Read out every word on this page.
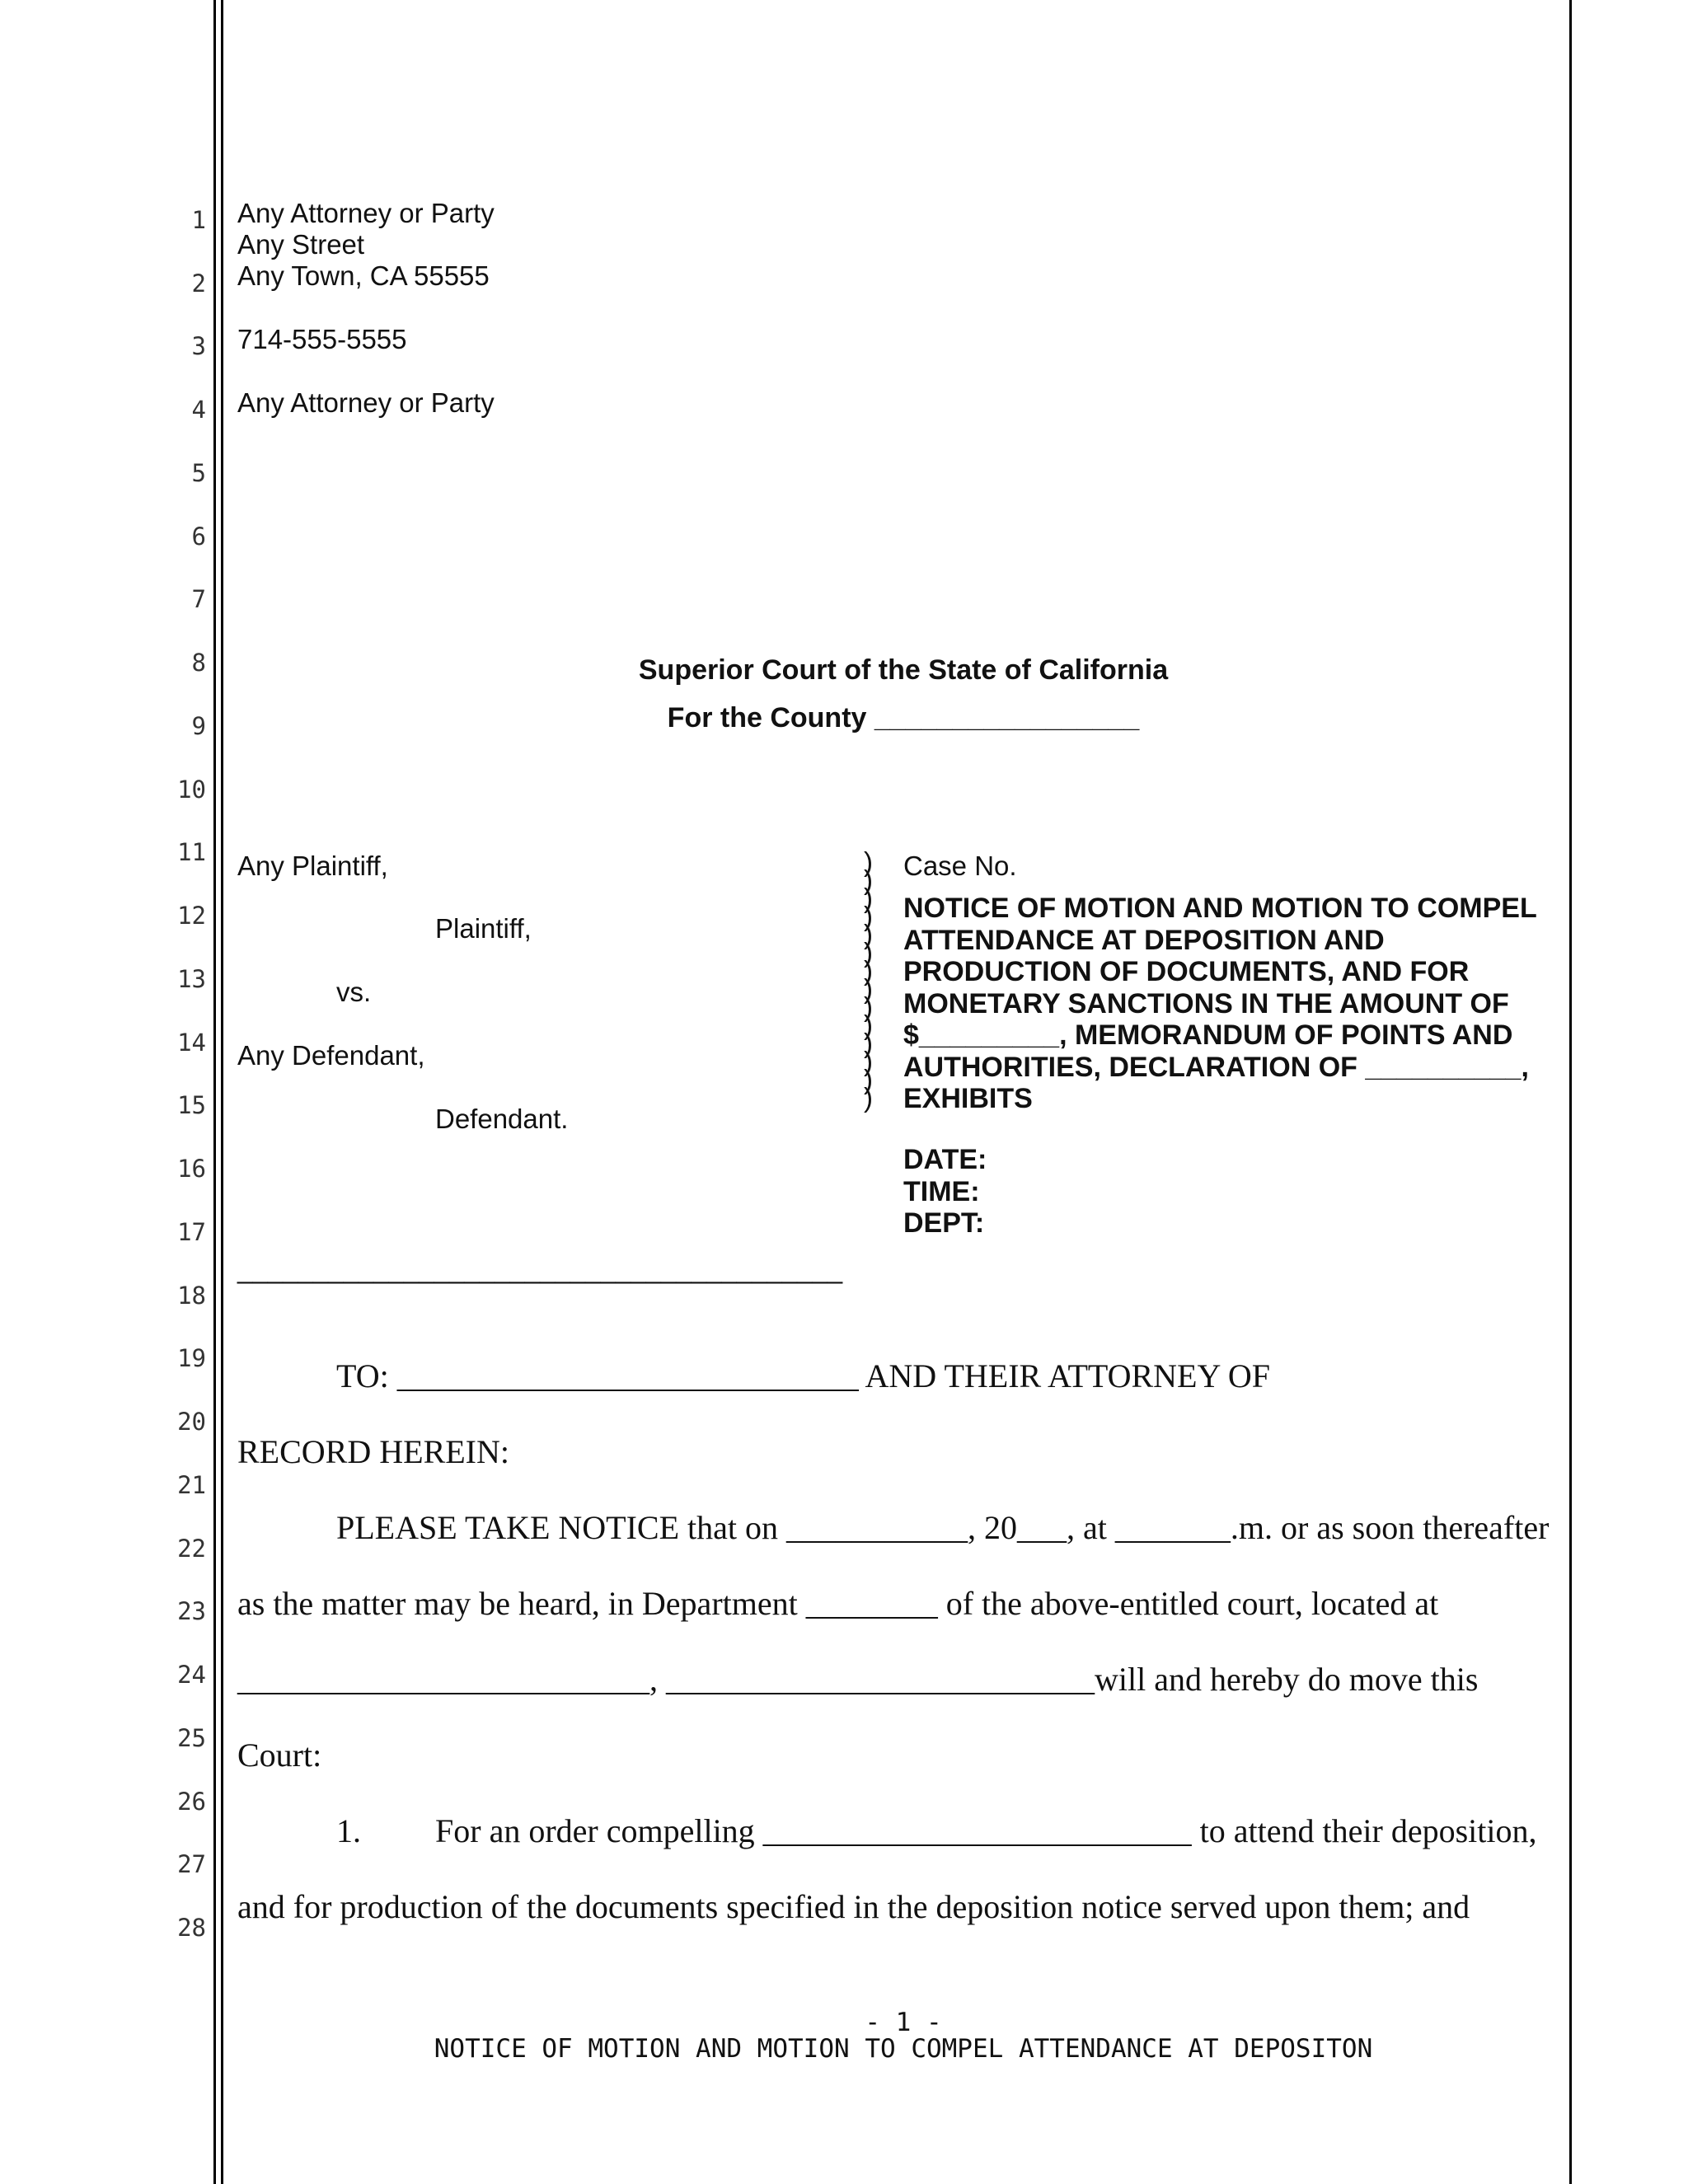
1
2
3
4
5
6
7
8
9
10
11
12
13
14
15
16
17
18
19
20
21
22
23
24
25
26
27
28
Any Attorney or Party
Any Street
Any Town, CA 55555
714-555-5555
Any Attorney or Party
Superior Court of the State of California
For the County _________________
Any Plaintiff,
Plaintiff,
vs.
Any Defendant,
Defendant.
________________________________________
)
)
)
)
)
)
)
)
)
)
)
)
)
)
Case No.
NOTICE OF MOTION AND MOTION TO COMPEL
ATTENDANCE AT DEPOSITION AND
PRODUCTION OF DOCUMENTS, AND FOR
MONETARY SANCTIONS IN THE AMOUNT OF
$_________, MEMORANDUM OF POINTS AND
AUTHORITIES, DECLARATION OF __________,
EXHIBITS
DATE:
TIME:
DEPT:
TO: ____________________________ AND THEIR ATTORNEY OF
RECORD HEREIN:
PLEASE TAKE NOTICE that on ___________, 20___, at _______.m. or as soon thereafter
as the matter may be heard, in Department ________ of the above-entitled court, located at
_________________________, __________________________will and hereby do move this
Court:
1. For an order compelling __________________________ to attend their deposition,
and for production of the documents specified in the deposition notice served upon them; and
- 1 -
NOTICE OF MOTION AND MOTION TO COMPEL ATTENDANCE AT DEPOSITON
